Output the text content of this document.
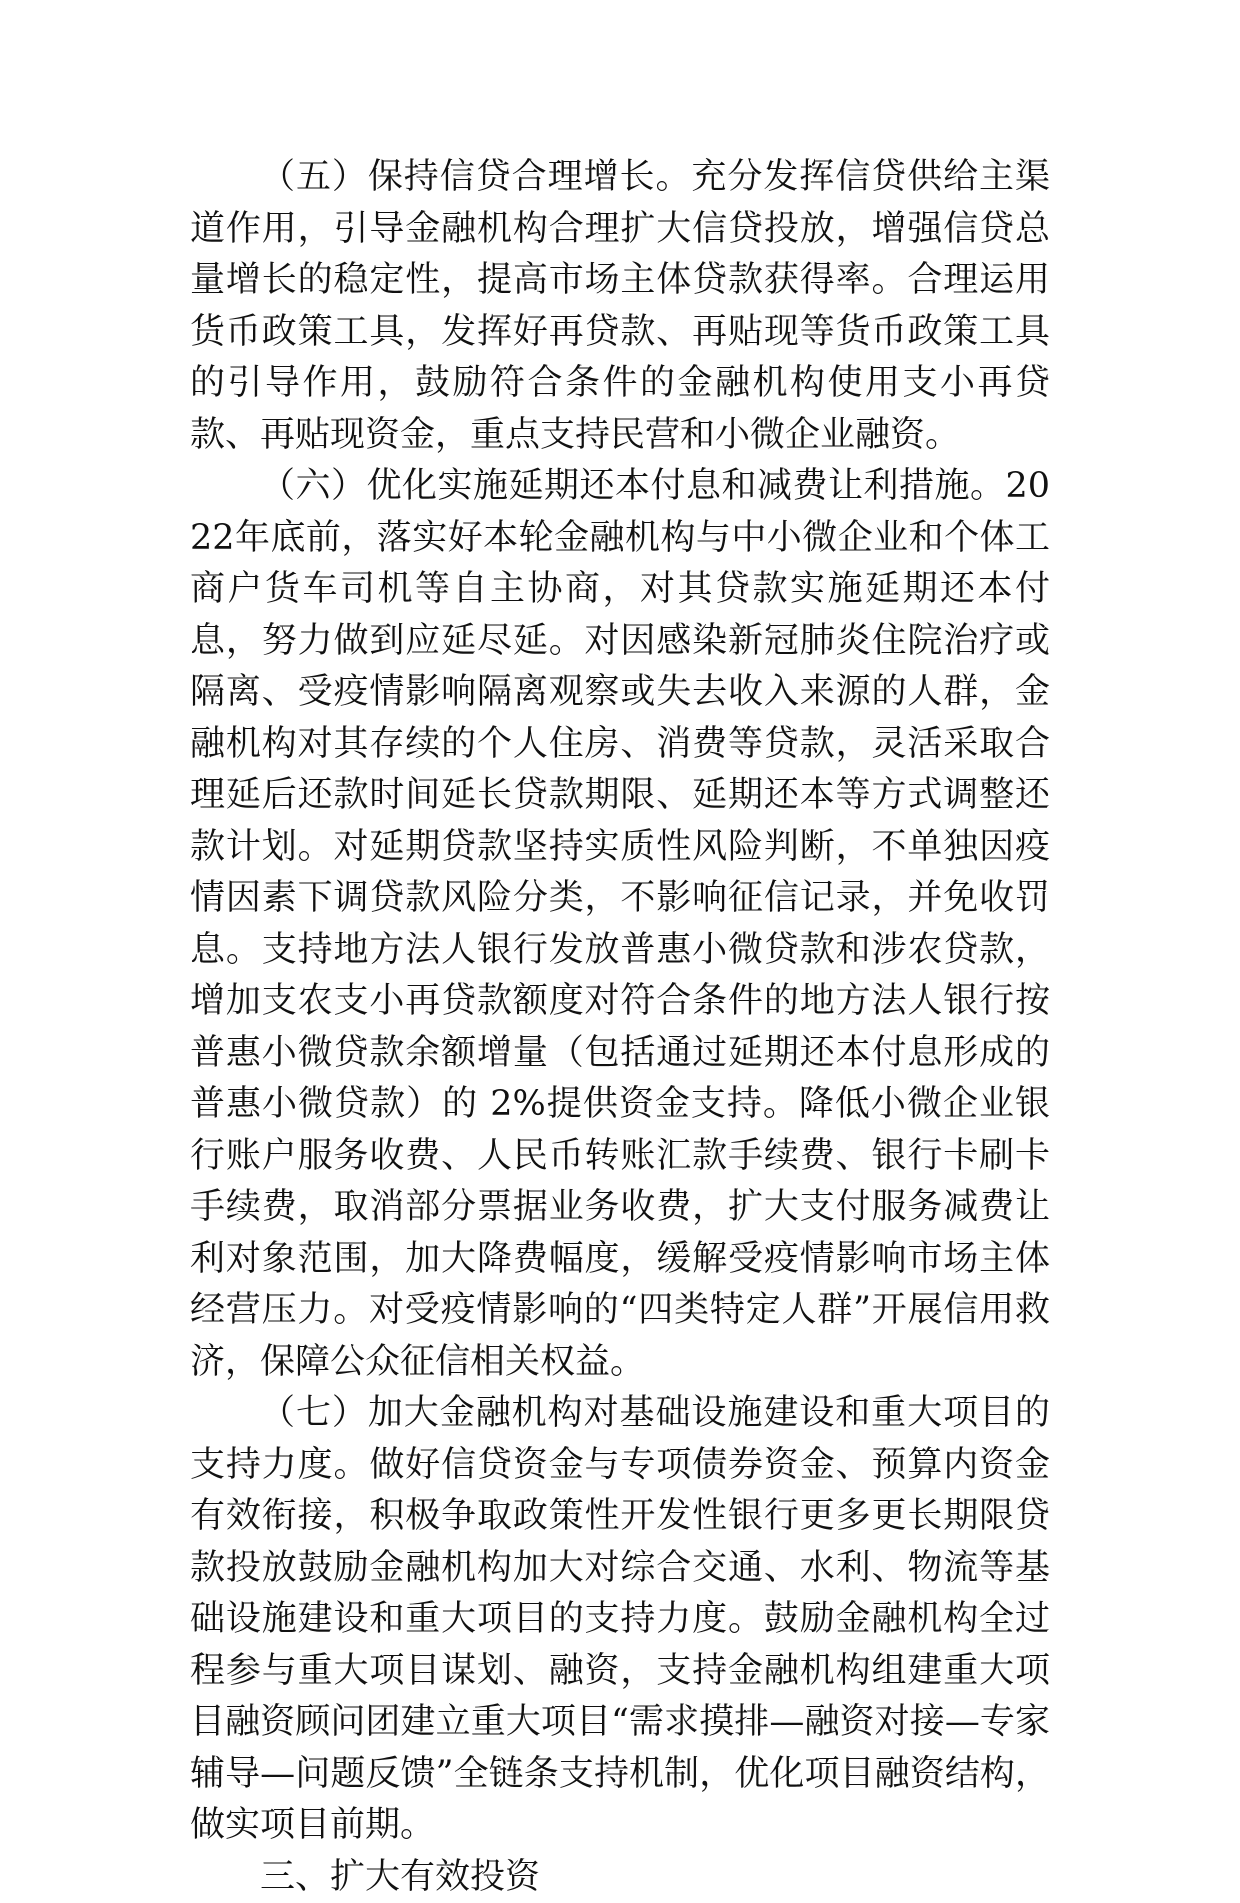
（五）保持信贷合理增长。充分发挥信贷供给主渠道作用，引导金融机构合理扩大信贷投放，增强信贷总量增长的稳定性，提高市场主体贷款获得率。合理运用货币政策工具，发挥好再贷款、再贴现等货币政策工具的引导作用，鼓励符合条件的金融机构使用支小再贷款、再贴现资金，重点支持民营和小微企业融资。

（六）优化实施延期还本付息和减费让利措施。2022年底前，落实好本轮金融机构与中小微企业和个体工商户货车司机等自主协商，对其贷款实施延期还本付息，努力做到应延尽延。对因感染新冠肺炎住院治疗或隔离、受疫情影响隔离观察或失去收入来源的人群，金融机构对其存续的个人住房、消费等贷款，灵活采取合理延后还款时间延长贷款期限、延期还本等方式调整还款计划。对延期贷款坚持实质性风险判断，不单独因疫情因素下调贷款风险分类，不影响征信记录，并免收罚息。支持地方法人银行发放普惠小微贷款和涉农贷款，增加支农支小再贷款额度对符合条件的地方法人银行按普惠小微贷款余额增量（包括通过延期还本付息形成的普惠小微贷款）的 2%提供资金支持。降低小微企业银行账户服务收费、人民币转账汇款手续费、银行卡刷卡手续费，取消部分票据业务收费，扩大支付服务减费让利对象范围，加大降费幅度，缓解受疫情影响市场主体经营压力。对受疫情影响的“四类特定人群”开展信用救济，保障公众征信相关权益。

（七）加大金融机构对基础设施建设和重大项目的支持力度。做好信贷资金与专项债券资金、预算内资金有效衔接，积极争取政策性开发性银行更多更长期限贷款投放鼓励金融机构加大对综合交通、水利、物流等基础设施建设和重大项目的支持力度。鼓励金融机构全过程参与重大项目谋划、融资，支持金融机构组建重大项目融资顾问团建立重大项目“需求摸排—融资对接—专家辅导—问题反馈”全链条支持机制，优化项目融资结构，做实项目前期。

三、扩大有效投资
